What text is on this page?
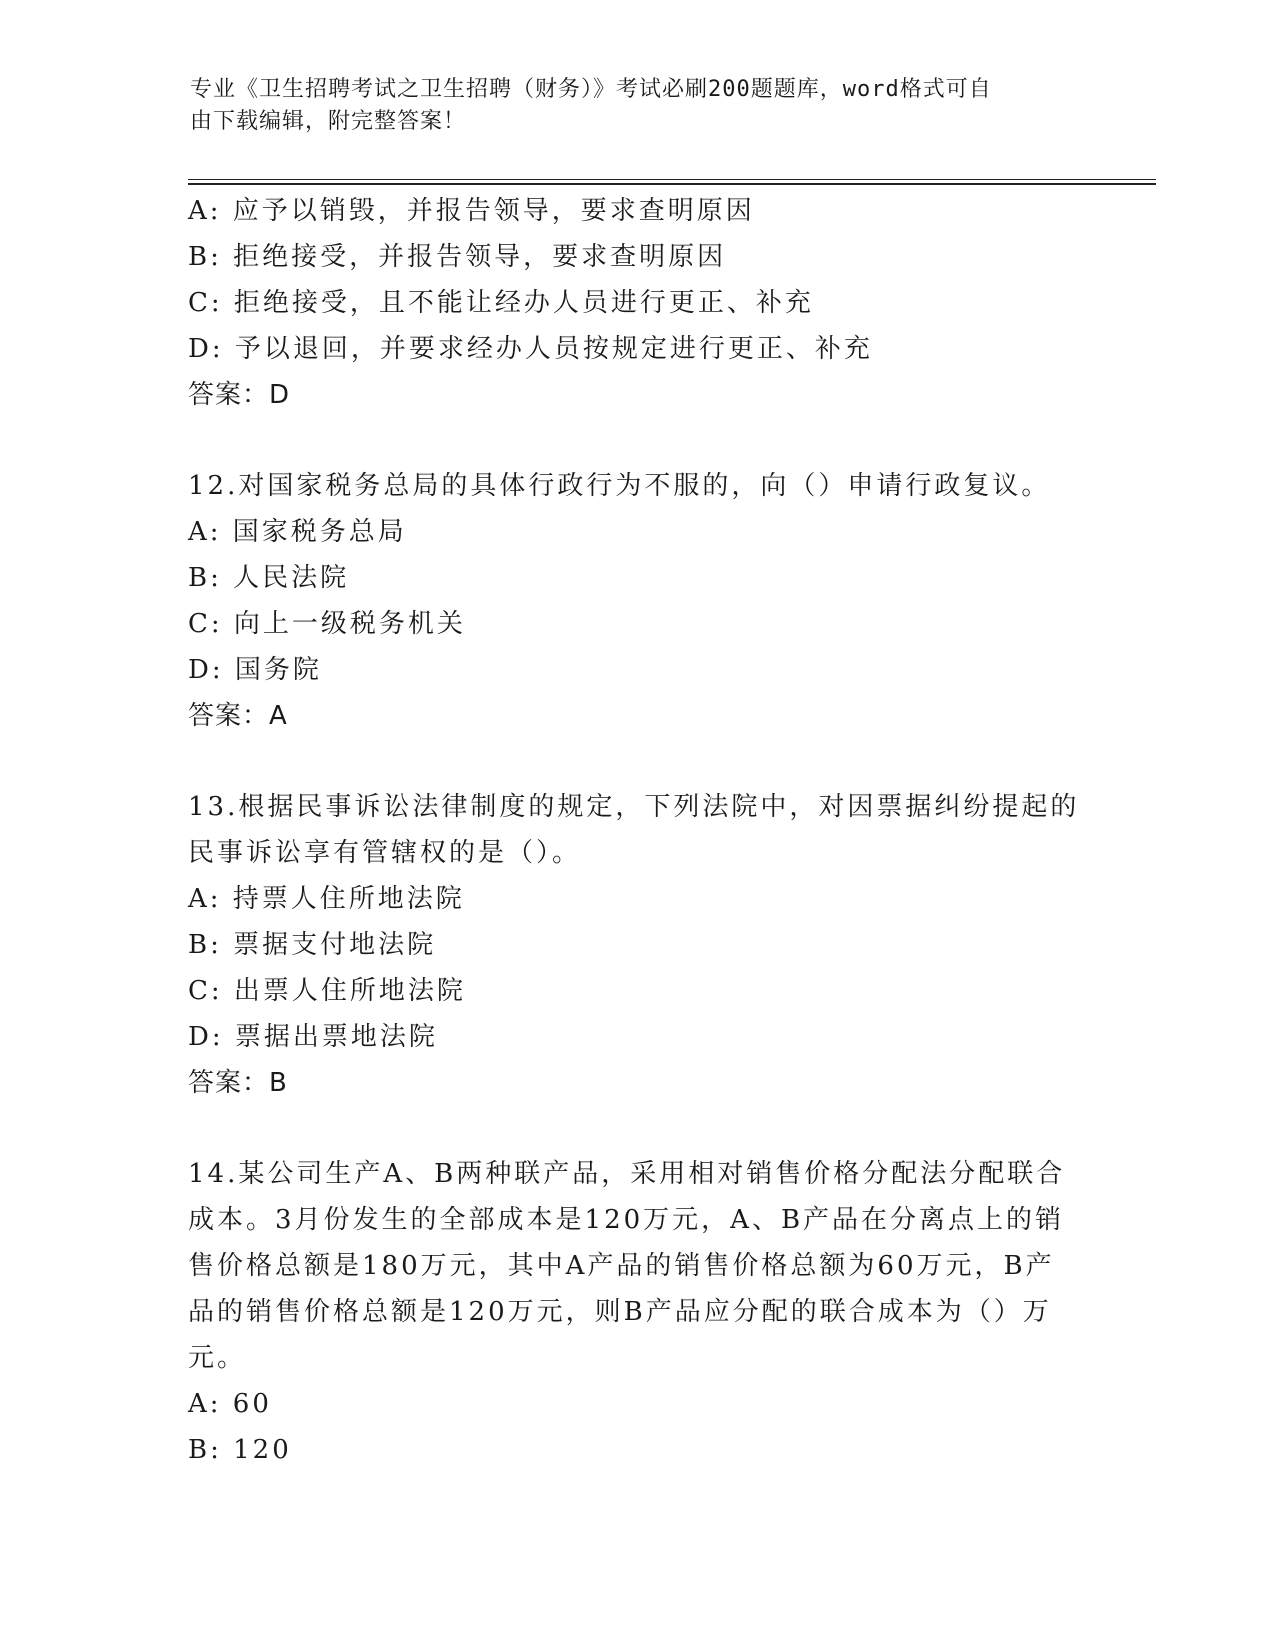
专业《卫生招聘考试之卫生招聘（财务）》考试必刷200题题库，word格式可自
由下载编辑，附完整答案！
A: 应予以销毁，并报告领导，要求查明原因
B: 拒绝接受，并报告领导，要求查明原因
C: 拒绝接受，且不能让经办人员进行更正、补充
D: 予以退回，并要求经办人员按规定进行更正、补充
答案：D
12.对国家税务总局的具体行政行为不服的，向（）申请行政复议。
A: 国家税务总局
B: 人民法院
C: 向上一级税务机关
D: 国务院
答案：A
13.根据民事诉讼法律制度的规定，下列法院中，对因票据纠纷提起的
民事诉讼享有管辖权的是（）。
A: 持票人住所地法院
B: 票据支付地法院
C: 出票人住所地法院
D: 票据出票地法院
答案：B
14.某公司生产A、B两种联产品，采用相对销售价格分配法分配联合
成本。3月份发生的全部成本是120万元，A、B产品在分离点上的销
售价格总额是180万元，其中A产品的销售价格总额为60万元，B产
品的销售价格总额是120万元，则B产品应分配的联合成本为（）万
元。
A: 60
B: 120
